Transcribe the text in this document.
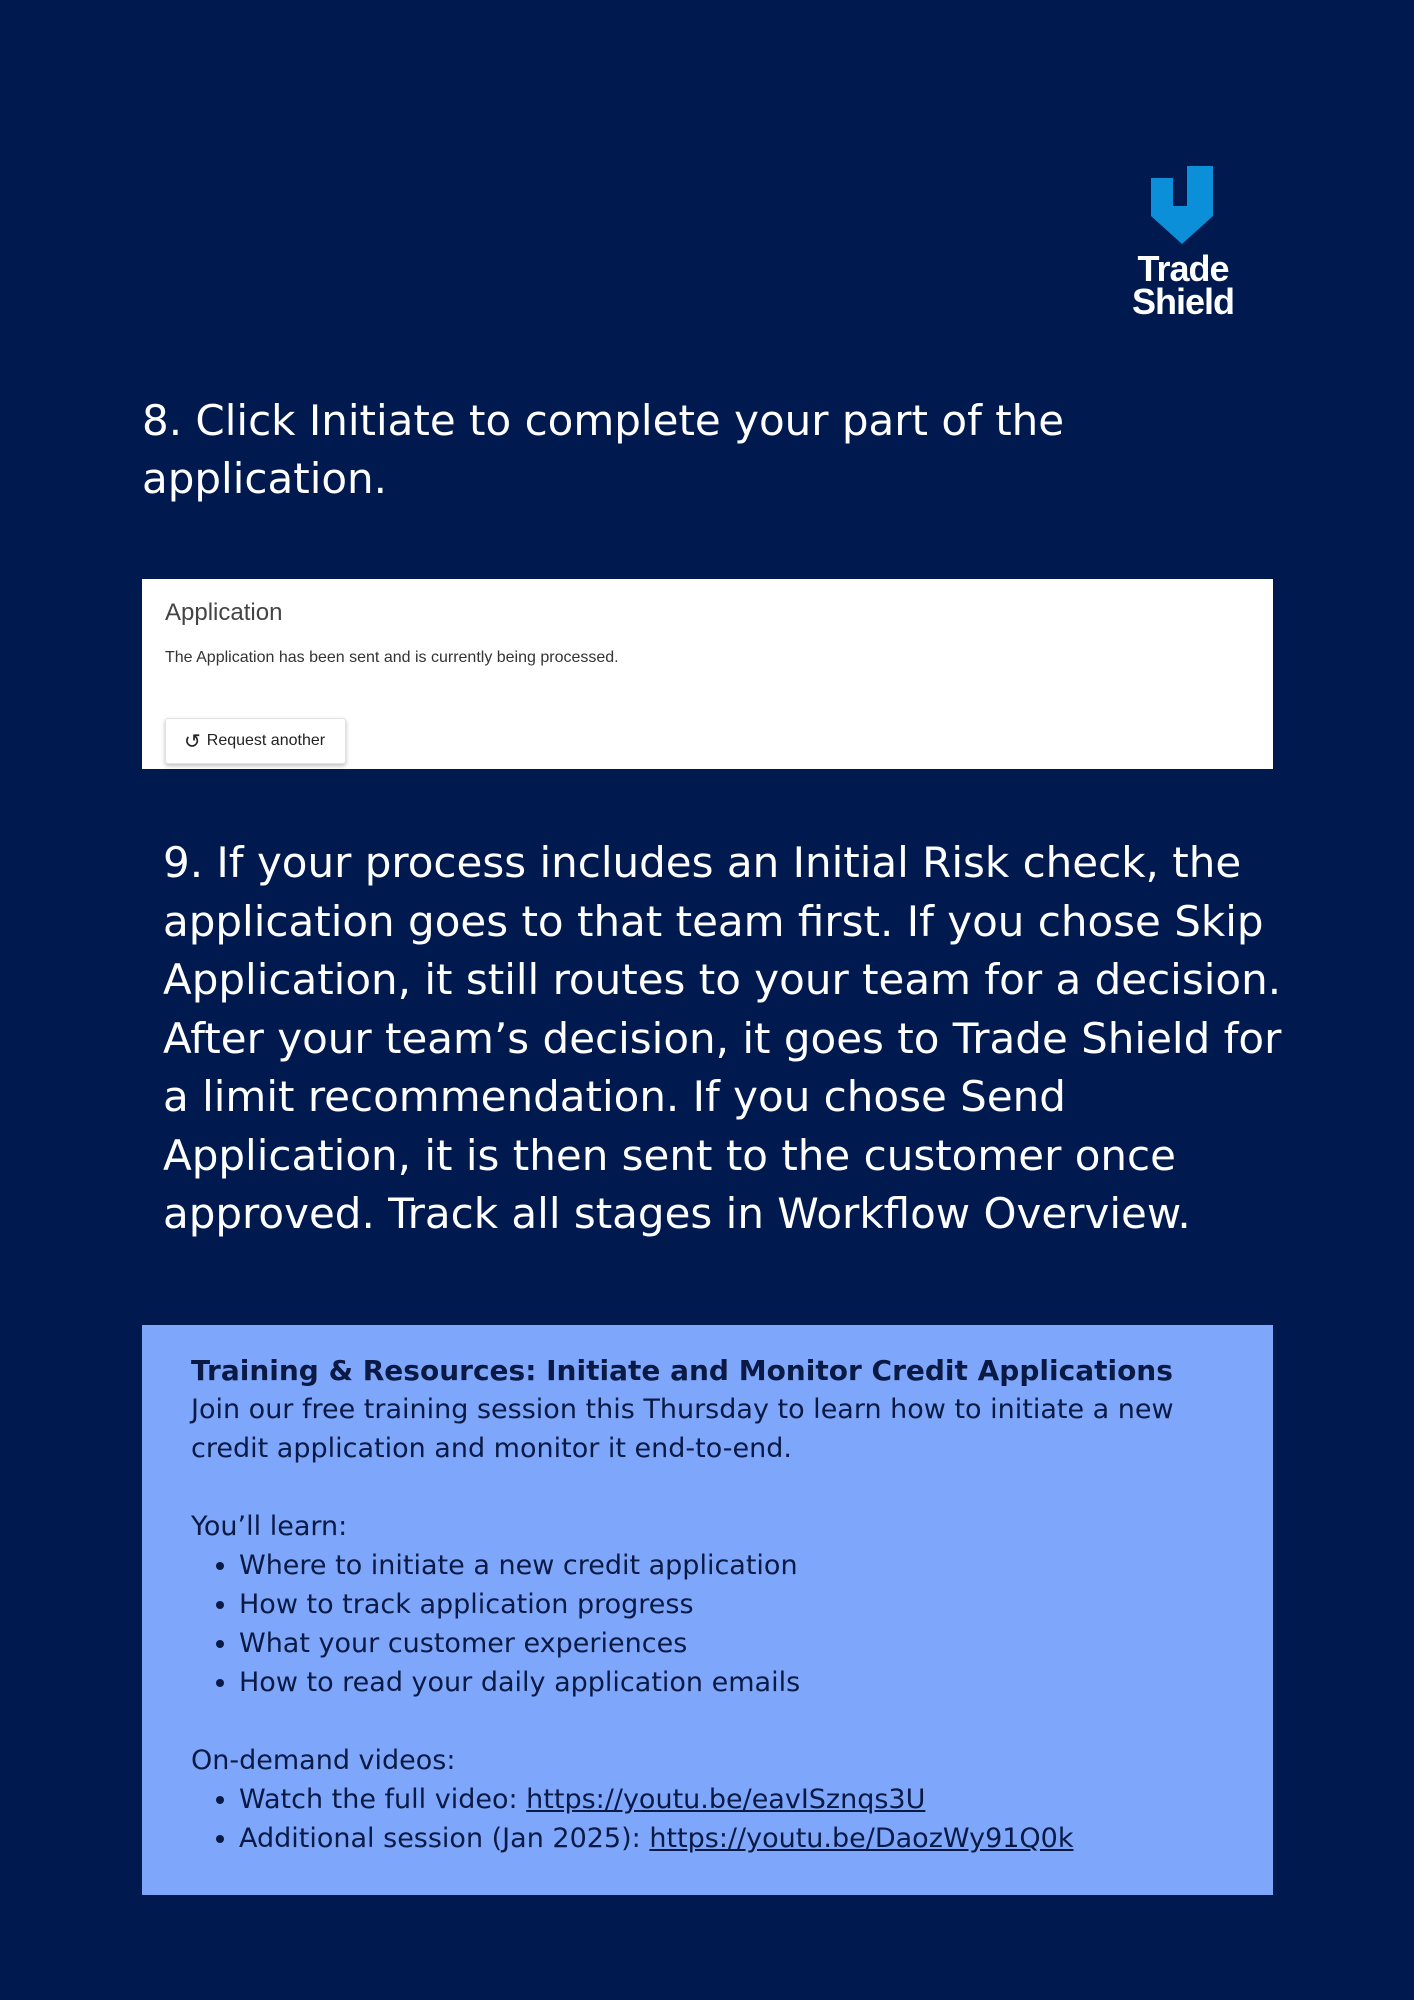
Trade
Shield

8. Click Initiate to complete your part of the application.

Application
The Application has been sent and is currently being processed.
↺ Request another

9. If your process includes an Initial Risk check, the application goes to that team first. If you chose Skip Application, it still routes to your team for a decision. After your team’s decision, it goes to Trade Shield for a limit recommendation. If you chose Send Application, it is then sent to the customer once approved. Track all stages in Workflow Overview.

Training & Resources: Initiate and Monitor Credit Applications

Join our free training session this Thursday to learn how to initiate a new credit application and monitor it end-to-end.

You’ll learn:

• Where to initiate a new credit application
• How to track application progress
• What your customer experiences
• How to read your daily application emails

On-demand videos:

• Watch the full video: https://youtu.be/eavISznqs3U
• Additional session (Jan 2025): https://youtu.be/DaozWy91Q0k
